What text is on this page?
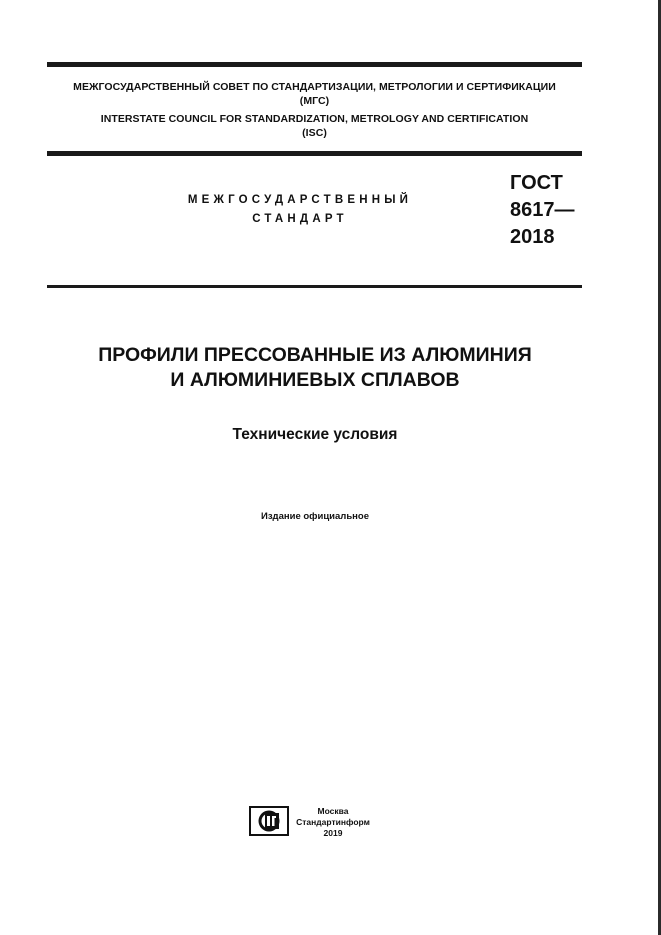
МЕЖГОСУДАРСТВЕННЫЙ СОВЕТ ПО СТАНДАРТИЗАЦИИ, МЕТРОЛОГИИ И СЕРТИФИКАЦИИ
(МГС)
INTERSTATE COUNCIL FOR STANDARDIZATION, METROLOGY AND CERTIFICATION
(ISC)
МЕЖГОСУДАРСТВЕННЫЙ
СТАНДАРТ
ГОСТ
8617—
2018
ПРОФИЛИ ПРЕССОВАННЫЕ ИЗ АЛЮМИНИЯ
И АЛЮМИНИЕВЫХ СПЛАВОВ
Технические условия
Издание официальное
Москва
Стандартинформ
2019
